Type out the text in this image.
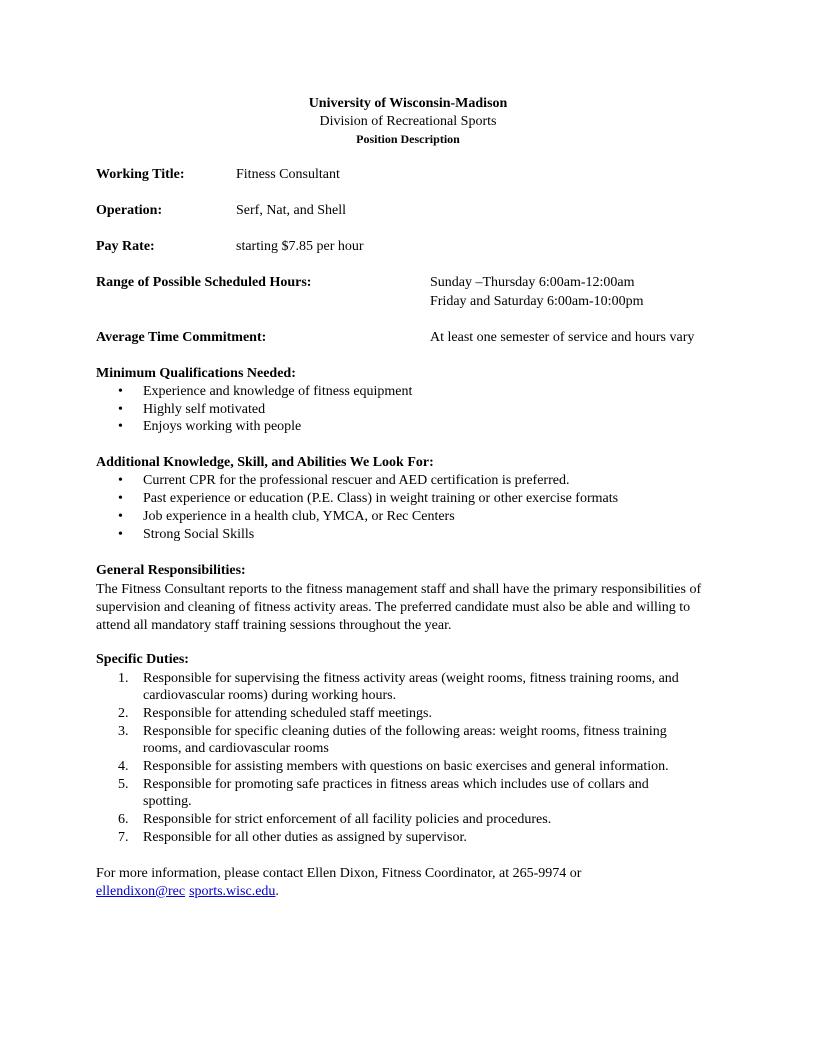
University of Wisconsin-Madison
Division of Recreational Sports
Position Description
Working Title:	Fitness Consultant
Operation:	Serf, Nat, and Shell
Pay Rate:	starting $7.85 per hour
Range of Possible Scheduled Hours:	Sunday –Thursday 6:00am-12:00am
Friday and Saturday 6:00am-10:00pm
Average Time Commitment:	At least one semester of service and hours vary
Minimum Qualifications Needed:
• Experience and knowledge of fitness equipment
• Highly self motivated
• Enjoys working with people
Additional Knowledge, Skill, and Abilities We Look For:
• Current CPR for the professional rescuer and AED certification is preferred.
• Past experience or education (P.E. Class) in weight training or other exercise formats
• Job experience in a health club, YMCA, or Rec Centers
• Strong Social Skills
General Responsibilities:
The Fitness Consultant reports to the fitness management staff and shall have the primary responsibilities of supervision and cleaning of fitness activity areas. The preferred candidate must also be able and willing to attend all mandatory staff training sessions throughout the year.
Specific Duties:
1. Responsible for supervising the fitness activity areas (weight rooms, fitness training rooms, and
cardiovascular rooms) during working hours.
2. Responsible for attending scheduled staff meetings.
3. Responsible for specific cleaning duties of the following areas: weight rooms, fitness training
rooms, and cardiovascular rooms
4. Responsible for assisting members with questions on basic exercises and general information.
5. Responsible for promoting safe practices in fitness areas which includes use of collars and
spotting.
6. Responsible for strict enforcement of all facility policies and procedures.
7. Responsible for all other duties as assigned by supervisor.
For more information, please contact Ellen Dixon, Fitness Coordinator, at 265-9974 or
ellendixon@rec sports.wisc.edu.
